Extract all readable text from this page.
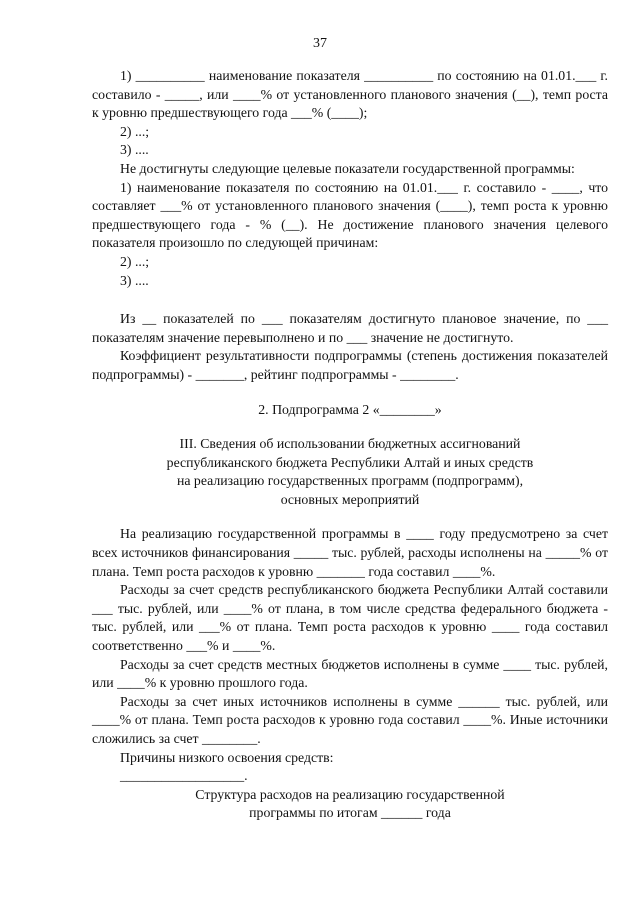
37

1) __________ наименование показателя __________ по состоянию на 01.01.___ г. составило - _____, или ____% от установленного планового значения (__), темп роста к уровню предшествующего года ___% (____);

2) ...;

3) ....

Не достигнуты следующие целевые показатели государственной программы:

1) наименование показателя по состоянию на 01.01.___ г. составило - ____, что составляет ___% от установленного планового значения (____), темп роста к уровню предшествующего года - % (__). Не достижение планового значения целевого показателя произошло по следующей причинам:

2) ...;

3) ....

Из __ показателей по ___ показателям достигнуто плановое значение, по ___ показателям значение перевыполнено и по ___ значение не достигнуто.

Коэффициент результативности подпрограммы (степень достижения показателей подпрограммы) - _______, рейтинг подпрограммы - ________.

2. Подпрограмма 2 «________»

III. Сведения об использовании бюджетных ассигнований

республиканского бюджета Республики Алтай и иных средств

на реализацию государственных программ (подпрограмм),

основных мероприятий

На реализацию государственной программы в ____ году предусмотрено за счет всех источников финансирования _____ тыс. рублей, расходы исполнены на _____% от плана. Темп роста расходов к уровню _______ года составил ____%.

Расходы за счет средств республиканского бюджета Республики Алтай составили ___ тыс. рублей, или ____% от плана, в том числе средства федерального бюджета - тыс. рублей, или ___% от плана. Темп роста расходов к уровню ____ года составил соответственно ___% и ____%.

Расходы за счет средств местных бюджетов исполнены в сумме ____ тыс. рублей, или ____% к уровню прошлого года.

Расходы за счет иных источников исполнены в сумме ______ тыс. рублей, или ____% от плана. Темп роста расходов к уровню года составил ____%. Иные источники сложились за счет ________.

Причины низкого освоения средств:

__________________.

Структура расходов на реализацию государственной

программы по итогам ______ года
